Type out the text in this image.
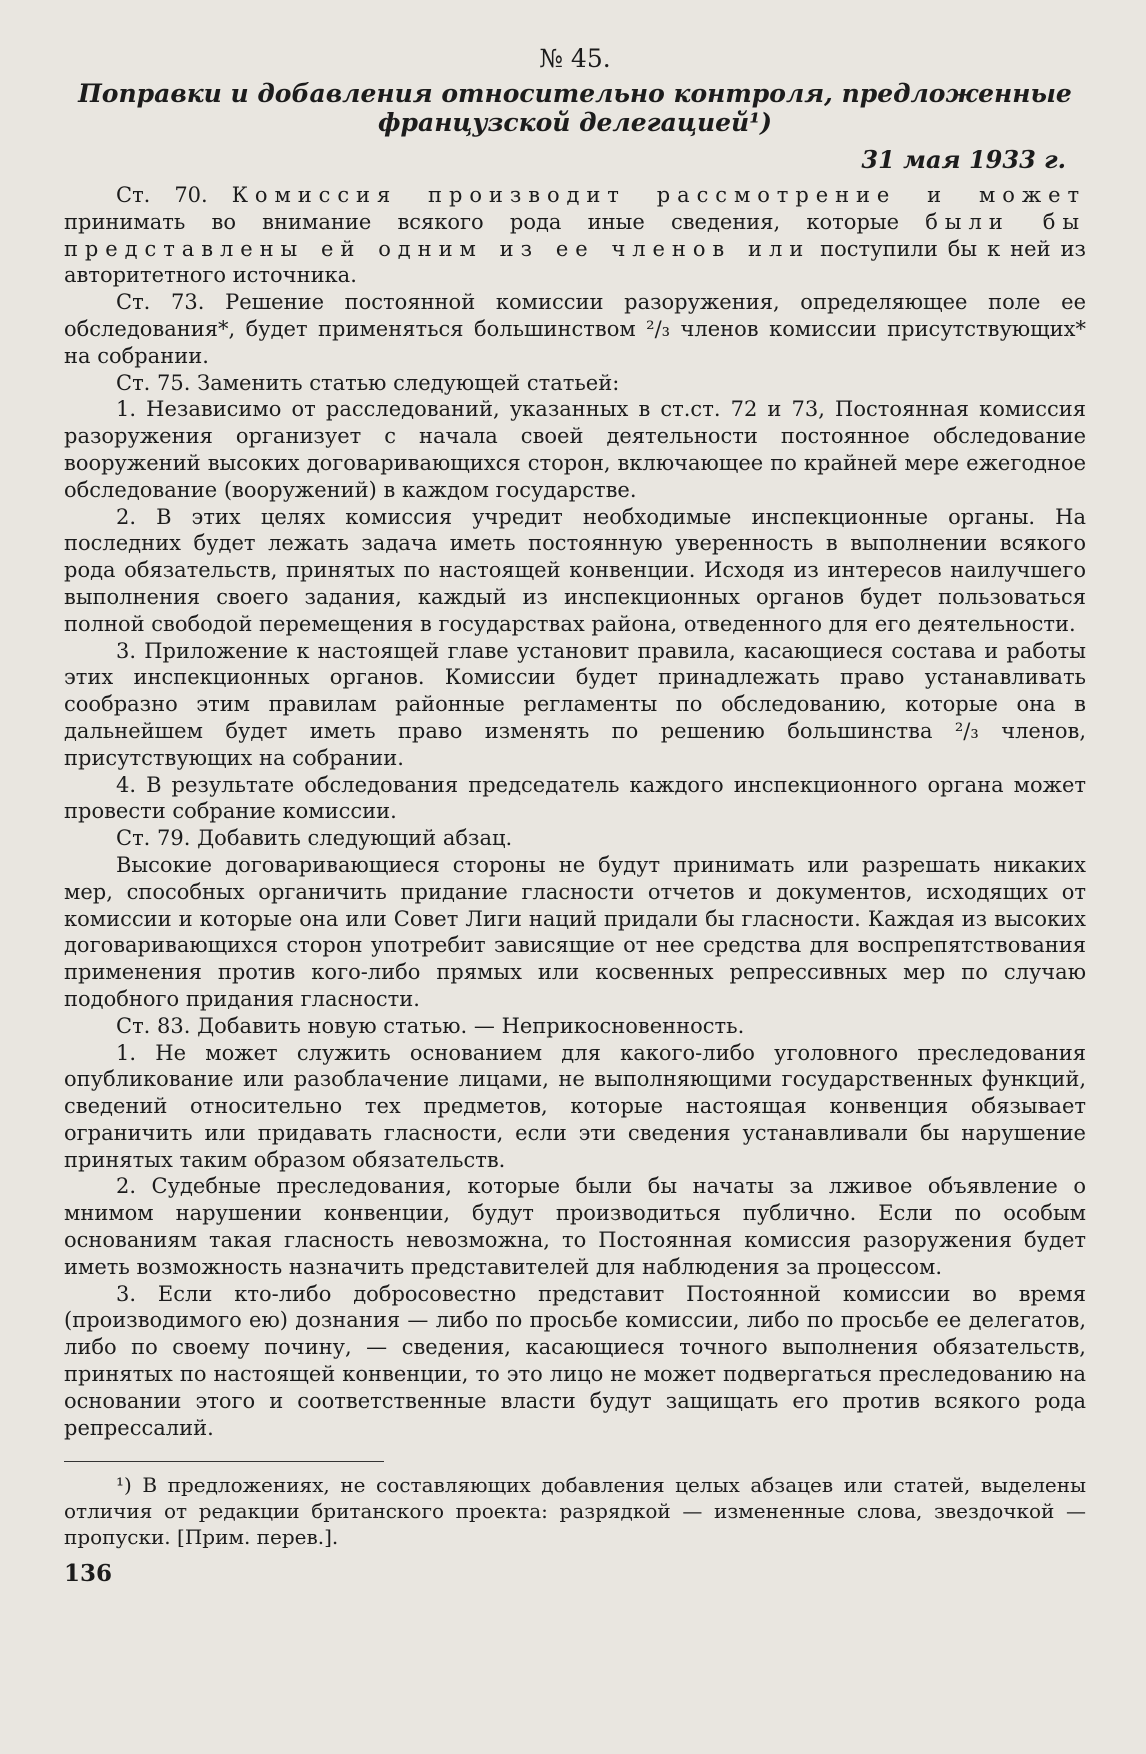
№ 45.
Поправки и добавления относительно контроля, предложенные французской делегацией¹)
31 мая 1933 г.

Ст. 70. Комиссия производит рассмотрение и может принимать во внимание всякого рода иные сведения, которые были бы представлены ей одним из ее членов или поступили бы к ней из авторитетного источника.

Ст. 73. Решение постоянной комиссии разоружения, определяющее поле ее обследования*, будет применяться большинством ²/₃ членов комиссии присутствующих* на собрании.

Ст. 75. Заменить статью следующей статьей:

1. Независимо от расследований, указанных в ст.ст. 72 и 73, Постоянная комиссия разоружения организует с начала своей деятельности постоянное обследование вооружений высоких договаривающихся сторон, включающее по крайней мере ежегодное обследование (вооружений) в каждом государстве.

2. В этих целях комиссия учредит необходимые инспекционные органы. На последних будет лежать задача иметь постоянную уверенность в выполнении всякого рода обязательств, принятых по настоящей конвенции. Исходя из интересов наилучшего выполнения своего задания, каждый из инспекционных органов будет пользоваться полной свободой перемещения в государствах района, отведенного для его деятельности.

3. Приложение к настоящей главе установит правила, касающиеся состава и работы этих инспекционных органов. Комиссии будет принадлежать право устанавливать сообразно этим правилам районные регламенты по обследованию, которые она в дальнейшем будет иметь право изменять по решению большинства ²/₃ членов, присутствующих на собрании.

4. В результате обследования председатель каждого инспекционного органа может провести собрание комиссии.

Ст. 79. Добавить следующий абзац.

Высокие договаривающиеся стороны не будут принимать или разрешать никаких мер, способных органичить придание гласности отчетов и документов, исходящих от комиссии и которые она или Совет Лиги наций придали бы гласности. Каждая из высоких договаривающихся сторон употребит зависящие от нее средства для воспрепятствования применения против кого-либо прямых или косвенных репрессивных мер по случаю подобного придания гласности.

Ст. 83. Добавить новую статью. — Неприкосновенность.

1. Не может служить основанием для какого-либо уголовного преследования опубликование или разоблачение лицами, не выполняющими государственных функций, сведений относительно тех предметов, которые настоящая конвенция обязывает ограничить или придавать гласности, если эти сведения устанавливали бы нарушение принятых таким образом обязательств.

2. Судебные преследования, которые были бы начаты за лживое объявление о мнимом нарушении конвенции, будут производиться публично. Если по особым основаниям такая гласность невозможна, то Постоянная комиссия разоружения будет иметь возможность назначить представителей для наблюдения за процессом.

3. Если кто-либо добросовестно представит Постоянной комиссии во время (производимого ею) дознания — либо по просьбе комиссии, либо по просьбе ее делегатов, либо по своему почину, — сведения, касающиеся точного выполнения обязательств, принятых по настоящей конвенции, то это лицо не может подвергаться преследованию на основании этого и соответственные власти будут защищать его против всякого рода репрессалий.

¹) В предложениях, не составляющих добавления целых абзацев или статей, выделены отличия от редакции британского проекта: разрядкой — измененные слова, звездочкой — пропуски. [Прим. перев.].

136
